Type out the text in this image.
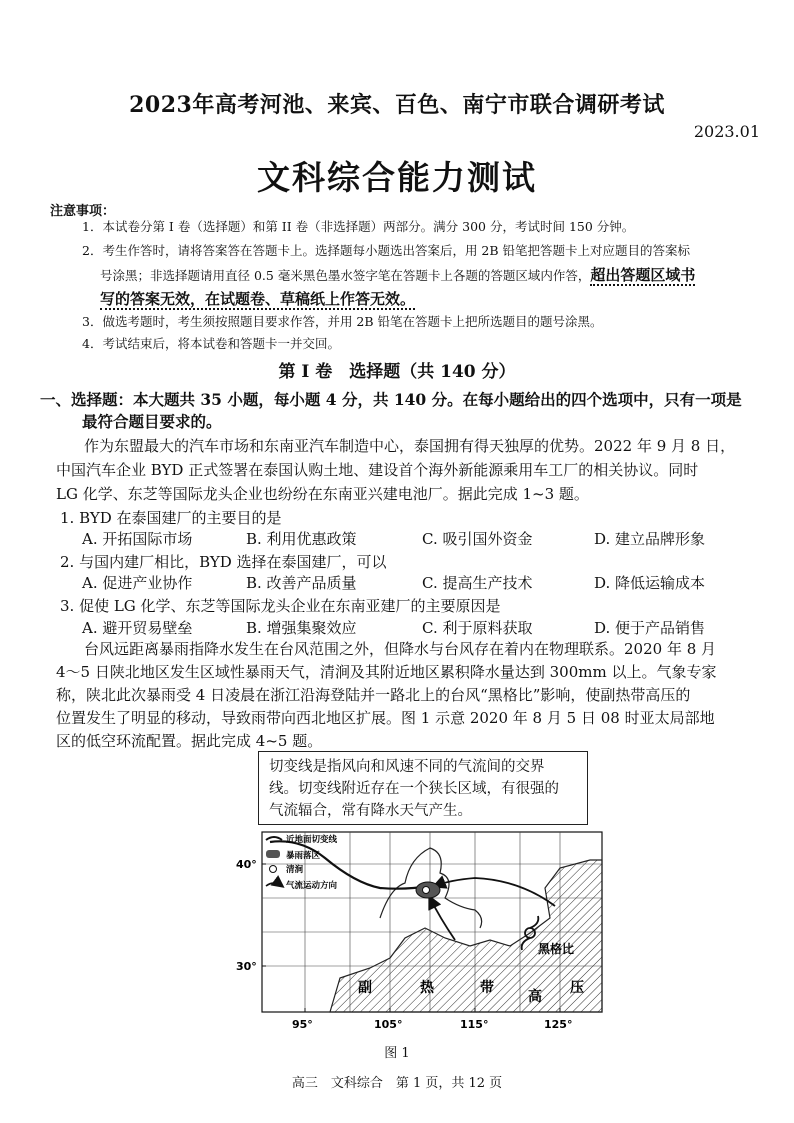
2023年高考河池、来宾、百色、南宁市联合调研考试
2023.01
文科综合能力测试
注意事项：
1．本试卷分第 I 卷（选择题）和第 II 卷（非选择题）两部分。满分 300 分，考试时间 150 分钟。
2．考生作答时，请将答案答在答题卡上。选择题每小题选出答案后，用 2B 铅笔把答题卡上对应题目的答案标
号涂黑；非选择题请用直径 0.5 毫米黑色墨水签字笔在答题卡上各题的答题区域内作答，超出答题区域书
写的答案无效，在试题卷、草稿纸上作答无效。
3．做选考题时，考生须按照题目要求作答，并用 2B 铅笔在答题卡上把所选题目的题号涂黑。
4．考试结束后，将本试卷和答题卡一并交回。
第 I 卷　选择题（共 140 分）
一、选择题：本大题共 35 小题，每小题 4 分，共 140 分。在每小题给出的四个选项中，只有一项是
最符合题目要求的。
作为东盟最大的汽车市场和东南亚汽车制造中心，泰国拥有得天独厚的优势。2022 年 9 月 8 日，
中国汽车企业 BYD 正式签署在泰国认购土地、建设首个海外新能源乘用车工厂的相关协议。同时
LG 化学、东芝等国际龙头企业也纷纷在东南亚兴建电池厂。据此完成 1~3 题。
1. BYD 在泰国建厂的主要目的是
A. 开拓国际市场	B. 利用优惠政策	C. 吸引国外资金	D. 建立品牌形象
2. 与国内建厂相比，BYD 选择在泰国建厂，可以
A. 促进产业协作	B. 改善产品质量	C. 提高生产技术	D. 降低运输成本
3. 促使 LG 化学、东芝等国际龙头企业在东南亚建厂的主要原因是
A. 避开贸易壁垒	B. 增强集聚效应	C. 利于原料获取	D. 便于产品销售
台风远距离暴雨指降水发生在台风范围之外，但降水与台风存在着内在物理联系。2020 年 8 月
4～5 日陕北地区发生区域性暴雨天气，清涧及其附近地区累积降水量达到 300mm 以上。气象专家
称，陕北此次暴雨受 4 日凌晨在浙江沿海登陆并一路北上的台风“黑格比”影响，使副热带高压的
位置发生了明显的移动，导致雨带向西北地区扩展。图 1 示意 2020 年 8 月 5 日 08 时亚太局部地
区的低空环流配置。据此完成 4~5 题。
切变线是指风向和风速不同的气流间的交界
线。切变线附近存在一个狭长区域，有很强的
气流辐合，常有降水天气产生。
黑格比
副	热	带
高
压
近地面切变线
暴雨落区
清涧
气流运动方向
40°
30°
95°	105°	115°	125°
图 1
高三　文科综合　第 1 页，共 12 页
